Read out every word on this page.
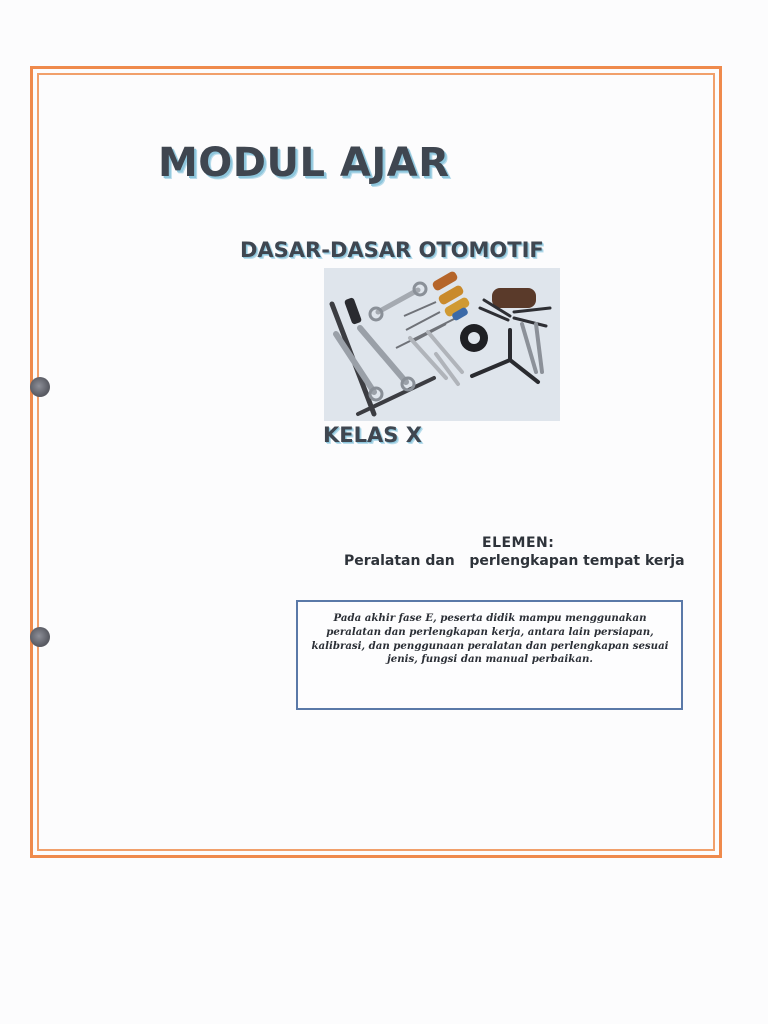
MODUL AJAR
DASAR-DASAR OTOMOTIF
KELAS X

ELEMEN:

Peralatan dan   perlengkapan tempat kerja

Pada akhir fase E, peserta didik mampu menggunakan peralatan dan perlengkapan kerja, antara lain persiapan, kalibrasi, dan penggunaan peralatan dan perlengkapan sesuai jenis, fungsi dan manual perbaikan.
